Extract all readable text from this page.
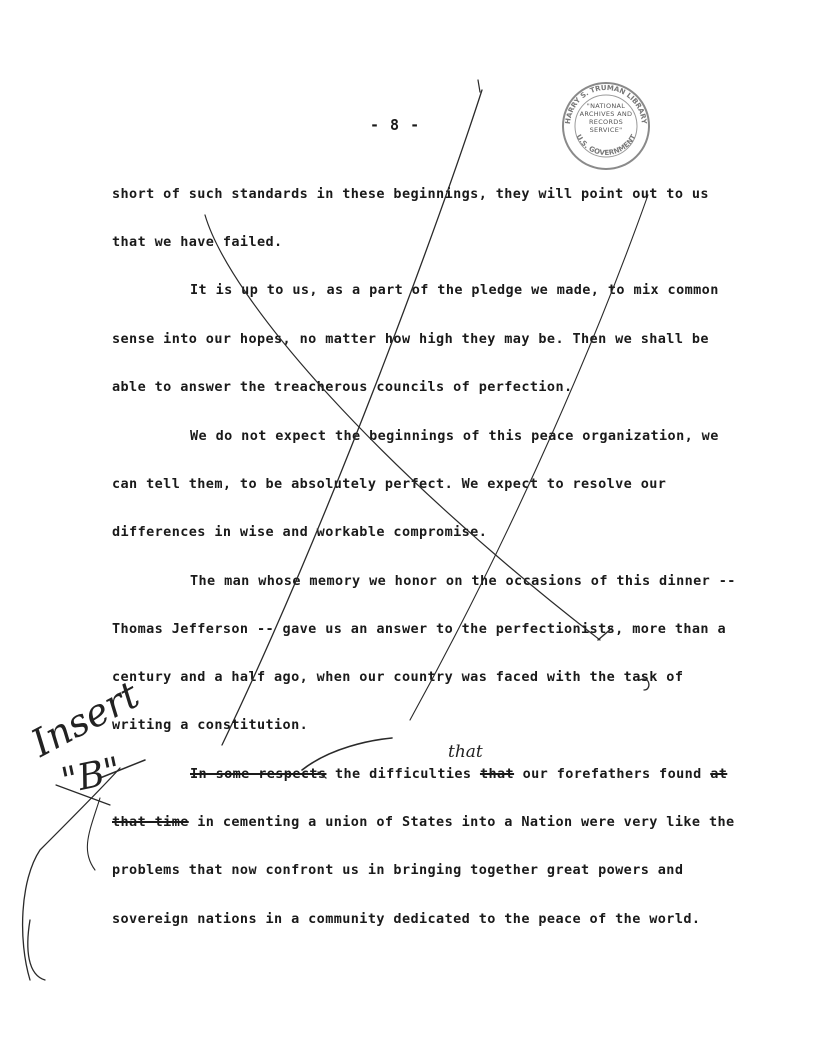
- 8 -	HARRY S. TRUMAN LIBRARY
U.S. GOVERNMENT
"NATIONAL
ARCHIVES AND
RECORDS
SERVICE"
short of such standards in these beginnings, they will point out to us
that we have failed.
It is up to us, as a part of the pledge we made, to mix common
sense into our hopes, no matter how high they may be. Then we shall be
able to answer the treacherous councils of perfection.
We do not expect the beginnings of this peace organization, we
can tell them, to be absolutely perfect. We expect to resolve our
differences in wise and workable compromise.
The man whose memory we honor on the occasions of this dinner --
Thomas Jefferson -- gave us an answer to the perfectionists, more than a
century and a half ago, when our country was faced with the task of
writing a constitution.
In some respects the difficulties that our forefathers found at
that time in cementing a union of States into a Nation were very like the
problems that now confront us in bringing together great powers and
sovereign nations in a community dedicated to the peace of the world.
Insert
"B"	that
